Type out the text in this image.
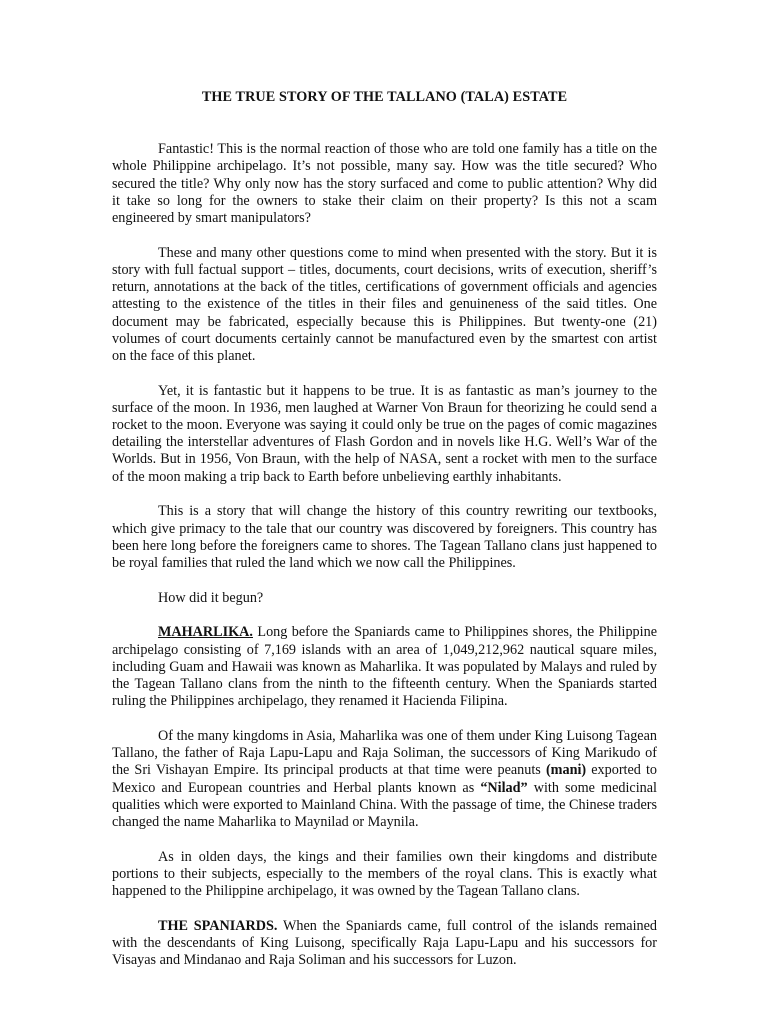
THE TRUE STORY OF THE TALLANO (TALA) ESTATE

Fantastic! This is the normal reaction of those who are told one family has a title on the whole Philippine archipelago. It’s not possible, many say. How was the title secured? Who secured the title? Why only now has the story surfaced and come to public attention? Why did it take so long for the owners to stake their claim on their property? Is this not a scam engineered by smart manipulators?

These and many other questions come to mind when presented with the story. But it is story with full factual support – titles, documents, court decisions, writs of execution, sheriff’s return, annotations at the back of the titles, certifications of government officials and agencies attesting to the existence of the titles in their files and genuineness of the said titles. One document may be fabricated, especially because this is Philippines. But twenty-one (21) volumes of court documents certainly cannot be manufactured even by the smartest con artist on the face of this planet.

Yet, it is fantastic but it happens to be true. It is as fantastic as man’s journey to the surface of the moon. In 1936, men laughed at Warner Von Braun for theorizing he could send a rocket to the moon. Everyone was saying it could only be true on the pages of comic magazines detailing the interstellar adventures of Flash Gordon and in novels like H.G. Well’s War of the Worlds. But in 1956, Von Braun, with the help of NASA, sent a rocket with men to the surface of the moon making a trip back to Earth before unbelieving earthly inhabitants.

This is a story that will change the history of this country rewriting our textbooks, which give primacy to the tale that our country was discovered by foreigners. This country has been here long before the foreigners came to shores. The Tagean Tallano clans just happened to be royal families that ruled the land which we now call the Philippines.

How did it begun?

MAHARLIKA. Long before the Spaniards came to Philippines shores, the Philippine archipelago consisting of 7,169 islands with an area of 1,049,212,962 nautical square miles, including Guam and Hawaii was known as Maharlika. It was populated by Malays and ruled by the Tagean Tallano clans from the ninth to the fifteenth century. When the Spaniards started ruling the Philippines archipelago, they renamed it Hacienda Filipina.

Of the many kingdoms in Asia, Maharlika was one of them under King Luisong Tagean Tallano, the father of Raja Lapu-Lapu and Raja Soliman, the successors of King Marikudo of the Sri Vishayan Empire. Its principal products at that time were peanuts (mani) exported to Mexico and European countries and Herbal plants known as “Nilad” with some medicinal qualities which were exported to Mainland China. With the passage of time, the Chinese traders changed the name Maharlika to Maynilad or Maynila.

As in olden days, the kings and their families own their kingdoms and distribute portions to their subjects, especially to the members of the royal clans. This is exactly what happened to the Philippine archipelago, it was owned by the Tagean Tallano clans.

THE SPANIARDS. When the Spaniards came, full control of the islands remained with the descendants of King Luisong, specifically Raja Lapu-Lapu and his successors for Visayas and Mindanao and Raja Soliman and his successors for Luzon.
